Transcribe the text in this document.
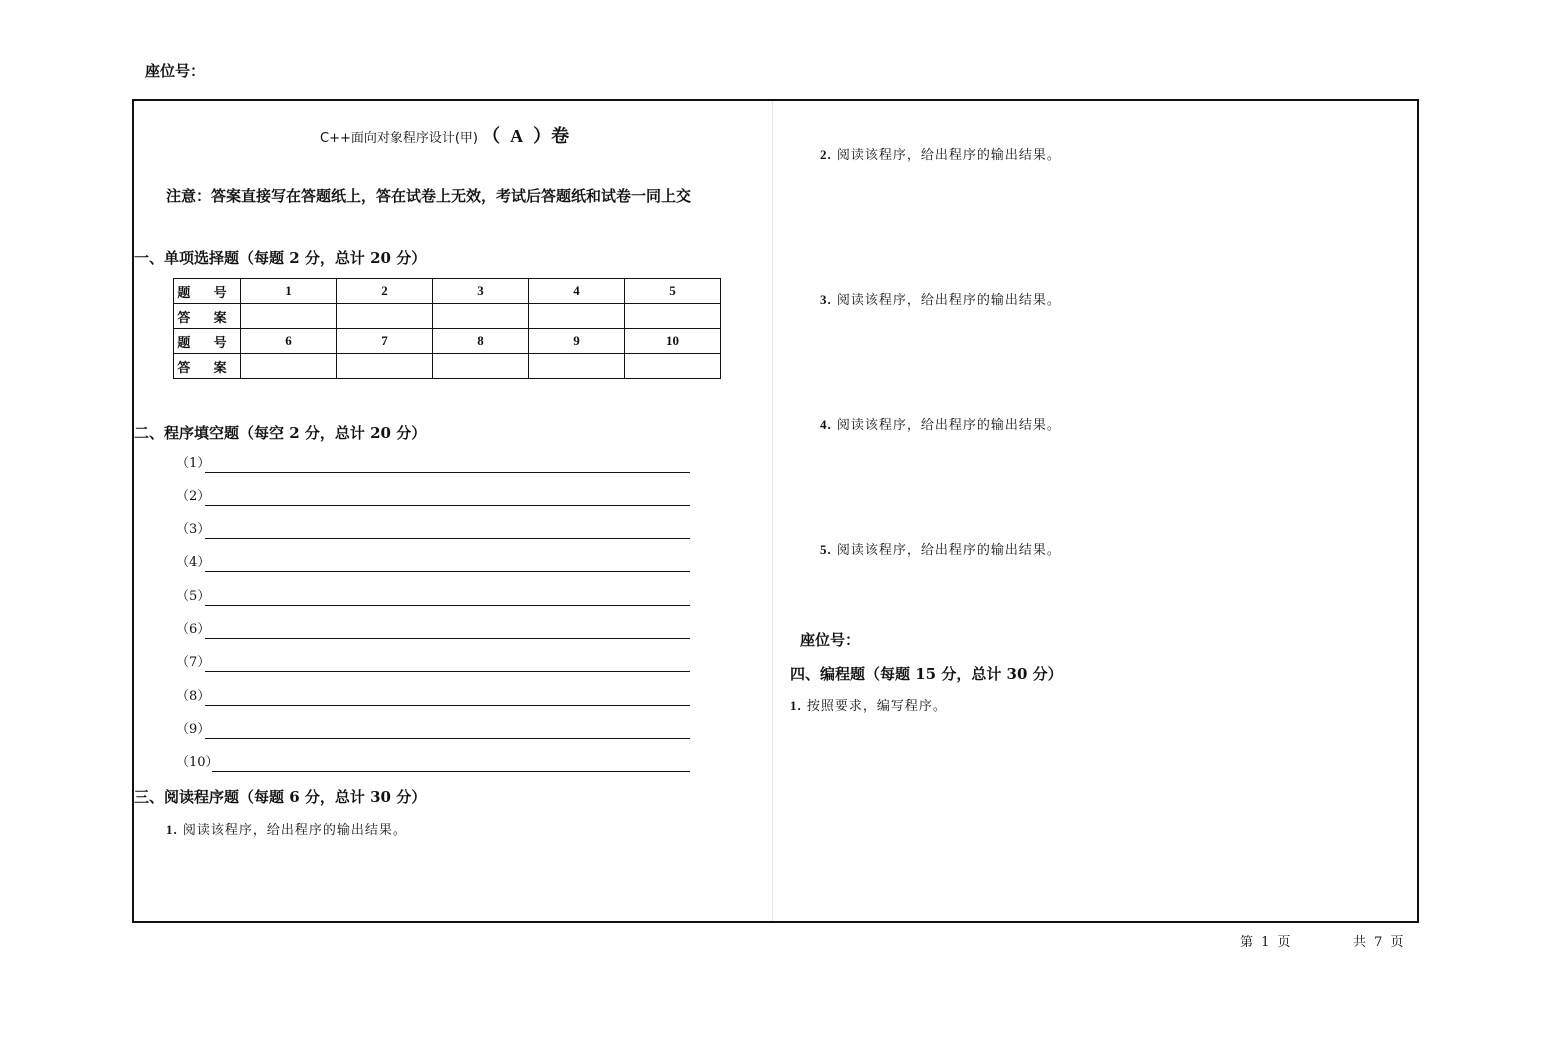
座位号：
C++面向对象程序设计(甲) （ A ）卷
注意：答案直接写在答题纸上，答在试卷上无效，考试后答题纸和试卷一同上交
一、单项选择题（每题 2 分，总计 20 分）
题 号	1	2	3	4	5
答 案					
题 号	6	7	8	9	10
答 案					
二、程序填空题（每空 2 分，总计 20 分）
（1）
（2）
（3）
（4）
（5）
（6）
（7）
（8）
（9）
（10）
三、阅读程序题（每题 6 分，总计 30 分）
1. 阅读该程序，给出程序的输出结果。
2. 阅读该程序，给出程序的输出结果。
3. 阅读该程序，给出程序的输出结果。
4. 阅读该程序，给出程序的输出结果。
5. 阅读该程序，给出程序的输出结果。
座位号：
四、编程题（每题 15 分，总计 30 分）
1. 按照要求，编写程序。
第 1 页	共 7 页
